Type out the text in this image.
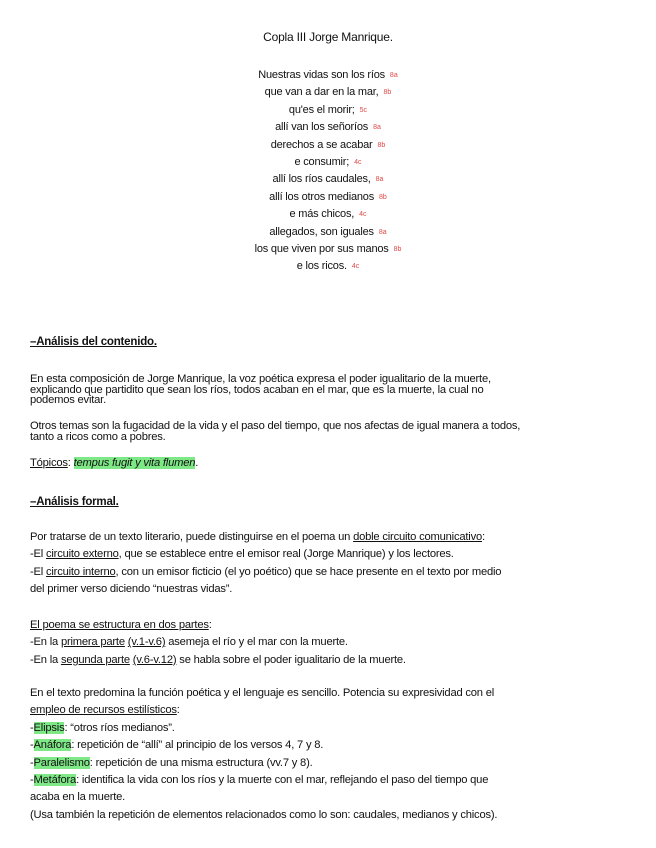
Copla III Jorge Manrique.
Nuestras vidas son los ríos 8a
que van a dar en la mar, 8b
qu'es el morir; 5c
allí van los señoríos 8a
derechos a se acabar 8b
e consumir; 4c
allí los ríos caudales, 8a
allí los otros medianos 8b
e más chicos, 4c
allegados, son iguales 8a
los que viven por sus manos 8b
e los ricos. 4c
–Análisis del contenido.
En esta composición de Jorge Manrique, la voz poética expresa el poder igualitario de la muerte,
explicando que partidito que sean los ríos, todos acaban en el mar, que es la muerte, la cual no
podemos evitar.
Otros temas son la fugacidad de la vida y el paso del tiempo, que nos afectas de igual manera a todos,
tanto a ricos como a pobres.
Tópicos: tempus fugit y vita flumen.
–Análisis formal.
Por tratarse de un texto literario, puede distinguirse en el poema un doble circuito comunicativo:
-El circuito externo, que se establece entre el emisor real (Jorge Manrique) y los lectores.
-El circuito interno, con un emisor ficticio (el yo poético) que se hace presente en el texto por medio
del primer verso diciendo “nuestras vidas”.
El poema se estructura en dos partes:
-En la primera parte (v.1-v.6) asemeja el río y el mar con la muerte.
-En la segunda parte (v.6-v.12) se habla sobre el poder igualitario de la muerte.
En el texto predomina la función poética y el lenguaje es sencillo. Potencia su expresividad con el
empleo de recursos estilísticos:
-Elipsis: “otros ríos medianos”.
-Anáfora: repetición de “allí” al principio de los versos 4, 7 y 8.
-Paralelismo: repetición de una misma estructura (vv.7 y 8).
-Metáfora: identifica la vida con los ríos y la muerte con el mar, reflejando el paso del tiempo que
acaba en la muerte.
(Usa también la repetición de elementos relacionados como lo son: caudales, medianos y chicos).
